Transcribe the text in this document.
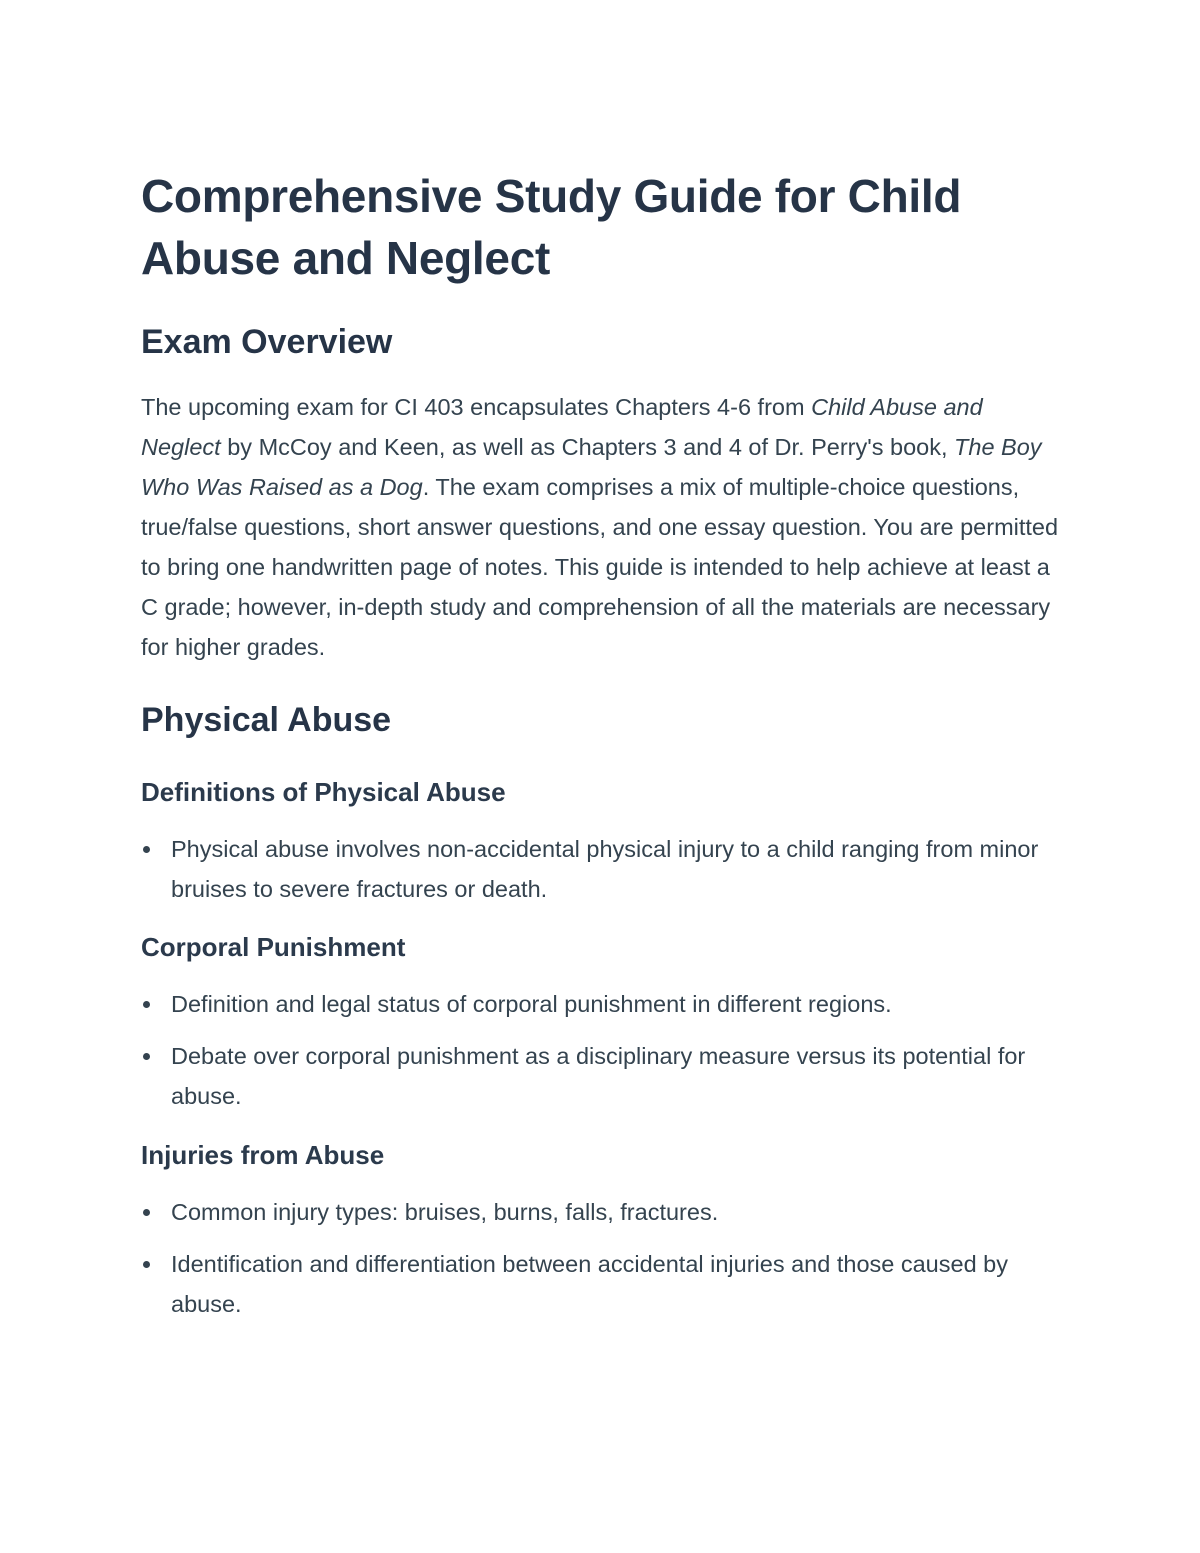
Comprehensive Study Guide for Child Abuse and Neglect
Exam Overview

The upcoming exam for CI 403 encapsulates Chapters 4-6 from Child Abuse and Neglect by McCoy and Keen, as well as Chapters 3 and 4 of Dr. Perry's book, The Boy Who Was Raised as a Dog. The exam comprises a mix of multiple-choice questions, true/false questions, short answer questions, and one essay question. You are permitted to bring one handwritten page of notes. This guide is intended to help achieve at least a C grade; however, in-depth study and comprehension of all the materials are necessary for higher grades.

Physical Abuse
Definitions of Physical Abuse
Physical abuse involves non-accidental physical injury to a child ranging from minor bruises to severe fractures or death.
Corporal Punishment
Definition and legal status of corporal punishment in different regions.
Debate over corporal punishment as a disciplinary measure versus its potential for abuse.
Injuries from Abuse
Common injury types: bruises, burns, falls, fractures.
Identification and differentiation between accidental injuries and those caused by abuse.
